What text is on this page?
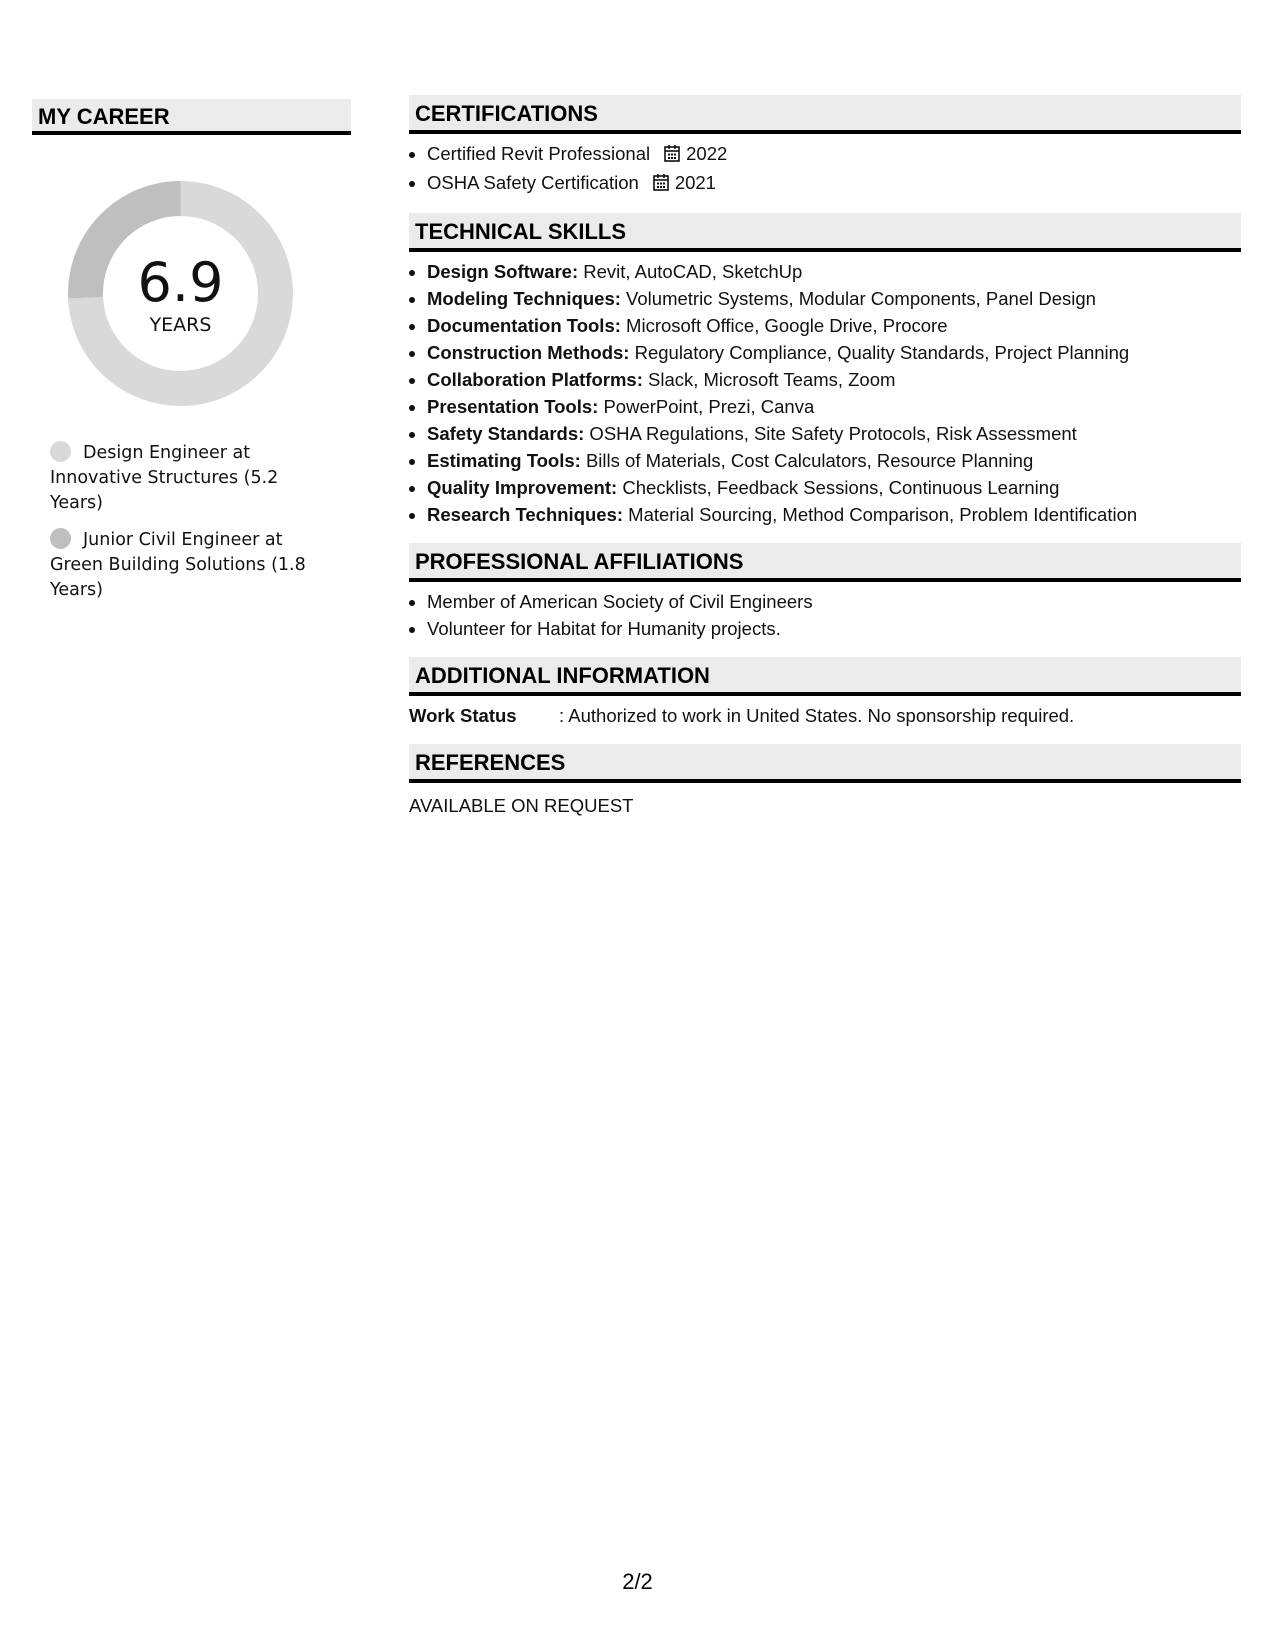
MY CAREER
6.9
YEARS
Design Engineer at Innovative Structures (5.2 Years)
Junior Civil Engineer at Green Building Solutions (1.8 Years)
CERTIFICATIONS
• Certified Revit Professional 2022
• OSHA Safety Certification 2021
TECHNICAL SKILLS
• Design Software: Revit, AutoCAD, SketchUp
• Modeling Techniques: Volumetric Systems, Modular Components, Panel Design
• Documentation Tools: Microsoft Office, Google Drive, Procore
• Construction Methods: Regulatory Compliance, Quality Standards, Project Planning
• Collaboration Platforms: Slack, Microsoft Teams, Zoom
• Presentation Tools: PowerPoint, Prezi, Canva
• Safety Standards: OSHA Regulations, Site Safety Protocols, Risk Assessment
• Estimating Tools: Bills of Materials, Cost Calculators, Resource Planning
• Quality Improvement: Checklists, Feedback Sessions, Continuous Learning
• Research Techniques: Material Sourcing, Method Comparison, Problem Identification
PROFESSIONAL AFFILIATIONS
• Member of American Society of Civil Engineers
• Volunteer for Habitat for Humanity projects.
ADDITIONAL INFORMATION
Work Status	: Authorized to work in United States. No sponsorship required.
REFERENCES
AVAILABLE ON REQUEST
2/2
